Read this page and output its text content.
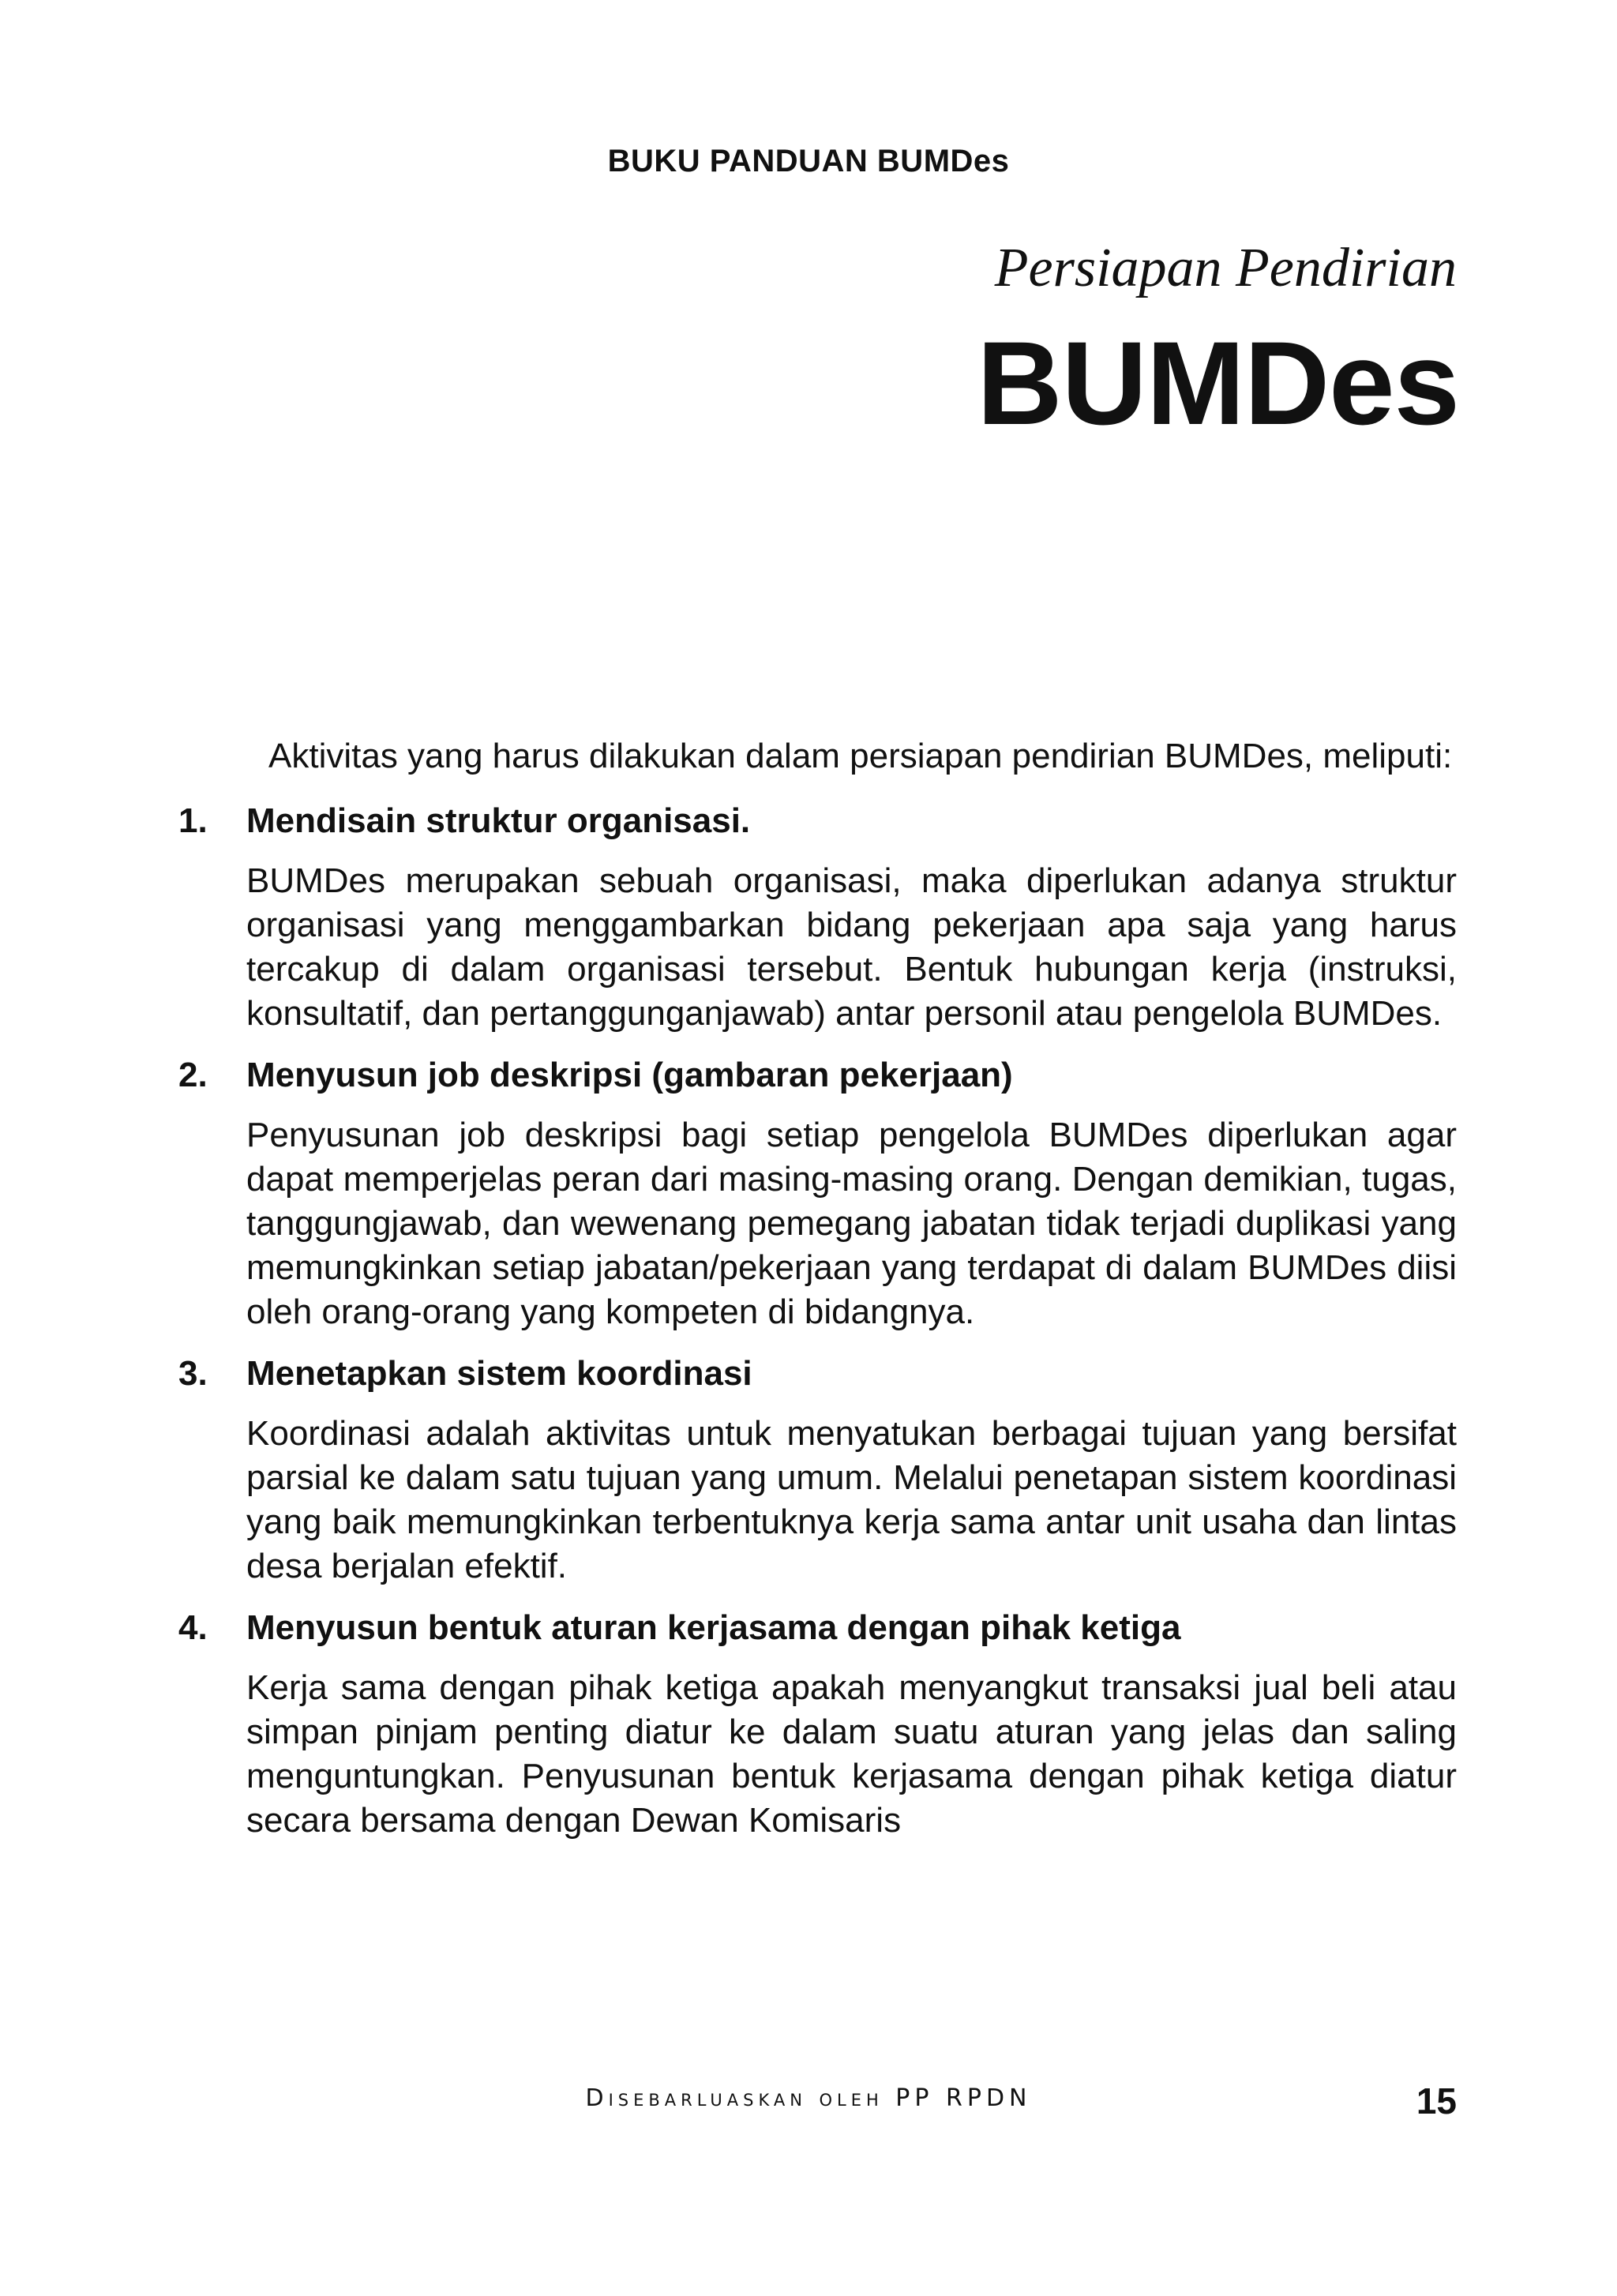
BUKU PANDUAN BUMDes
Persiapan Pendirian
BUMDes

Aktivitas yang harus dilakukan dalam persiapan pendirian BUMDes, meliputi:

1. Mendisain struktur organisasi.

BUMDes merupakan sebuah organisasi, maka diperlukan adanya struktur organisasi yang menggambarkan bidang pekerjaan apa saja yang harus tercakup di dalam organisasi tersebut. Bentuk hubungan kerja (instruksi, konsultatif, dan pertanggunganjawab) antar personil atau pengelola BUMDes.

2. Menyusun job deskripsi (gambaran pekerjaan)

Penyusunan job deskripsi bagi setiap pengelola BUMDes diperlukan agar dapat memperjelas peran dari masing-masing orang. Dengan demikian, tugas, tanggungjawab, dan wewenang pemegang jabatan tidak terjadi duplikasi yang memungkinkan setiap jabatan/pekerjaan yang terdapat di dalam BUMDes diisi oleh orang-orang yang kompeten di bidangnya.

3. Menetapkan sistem koordinasi

Koordinasi adalah aktivitas untuk menyatukan berbagai tujuan yang bersifat parsial ke dalam satu tujuan yang umum. Melalui penetapan sistem koordinasi yang baik memungkinkan terbentuknya kerja sama antar unit usaha dan lintas desa berjalan efektif.

4. Menyusun bentuk aturan kerjasama dengan pihak ketiga

Kerja sama dengan pihak ketiga apakah menyangkut transaksi jual beli atau simpan pinjam penting diatur ke dalam suatu aturan yang jelas dan saling menguntungkan. Penyusunan bentuk kerjasama dengan pihak ketiga diatur secara bersama dengan Dewan Komisaris

Disebarluaskan oleh PP RPDN	15
